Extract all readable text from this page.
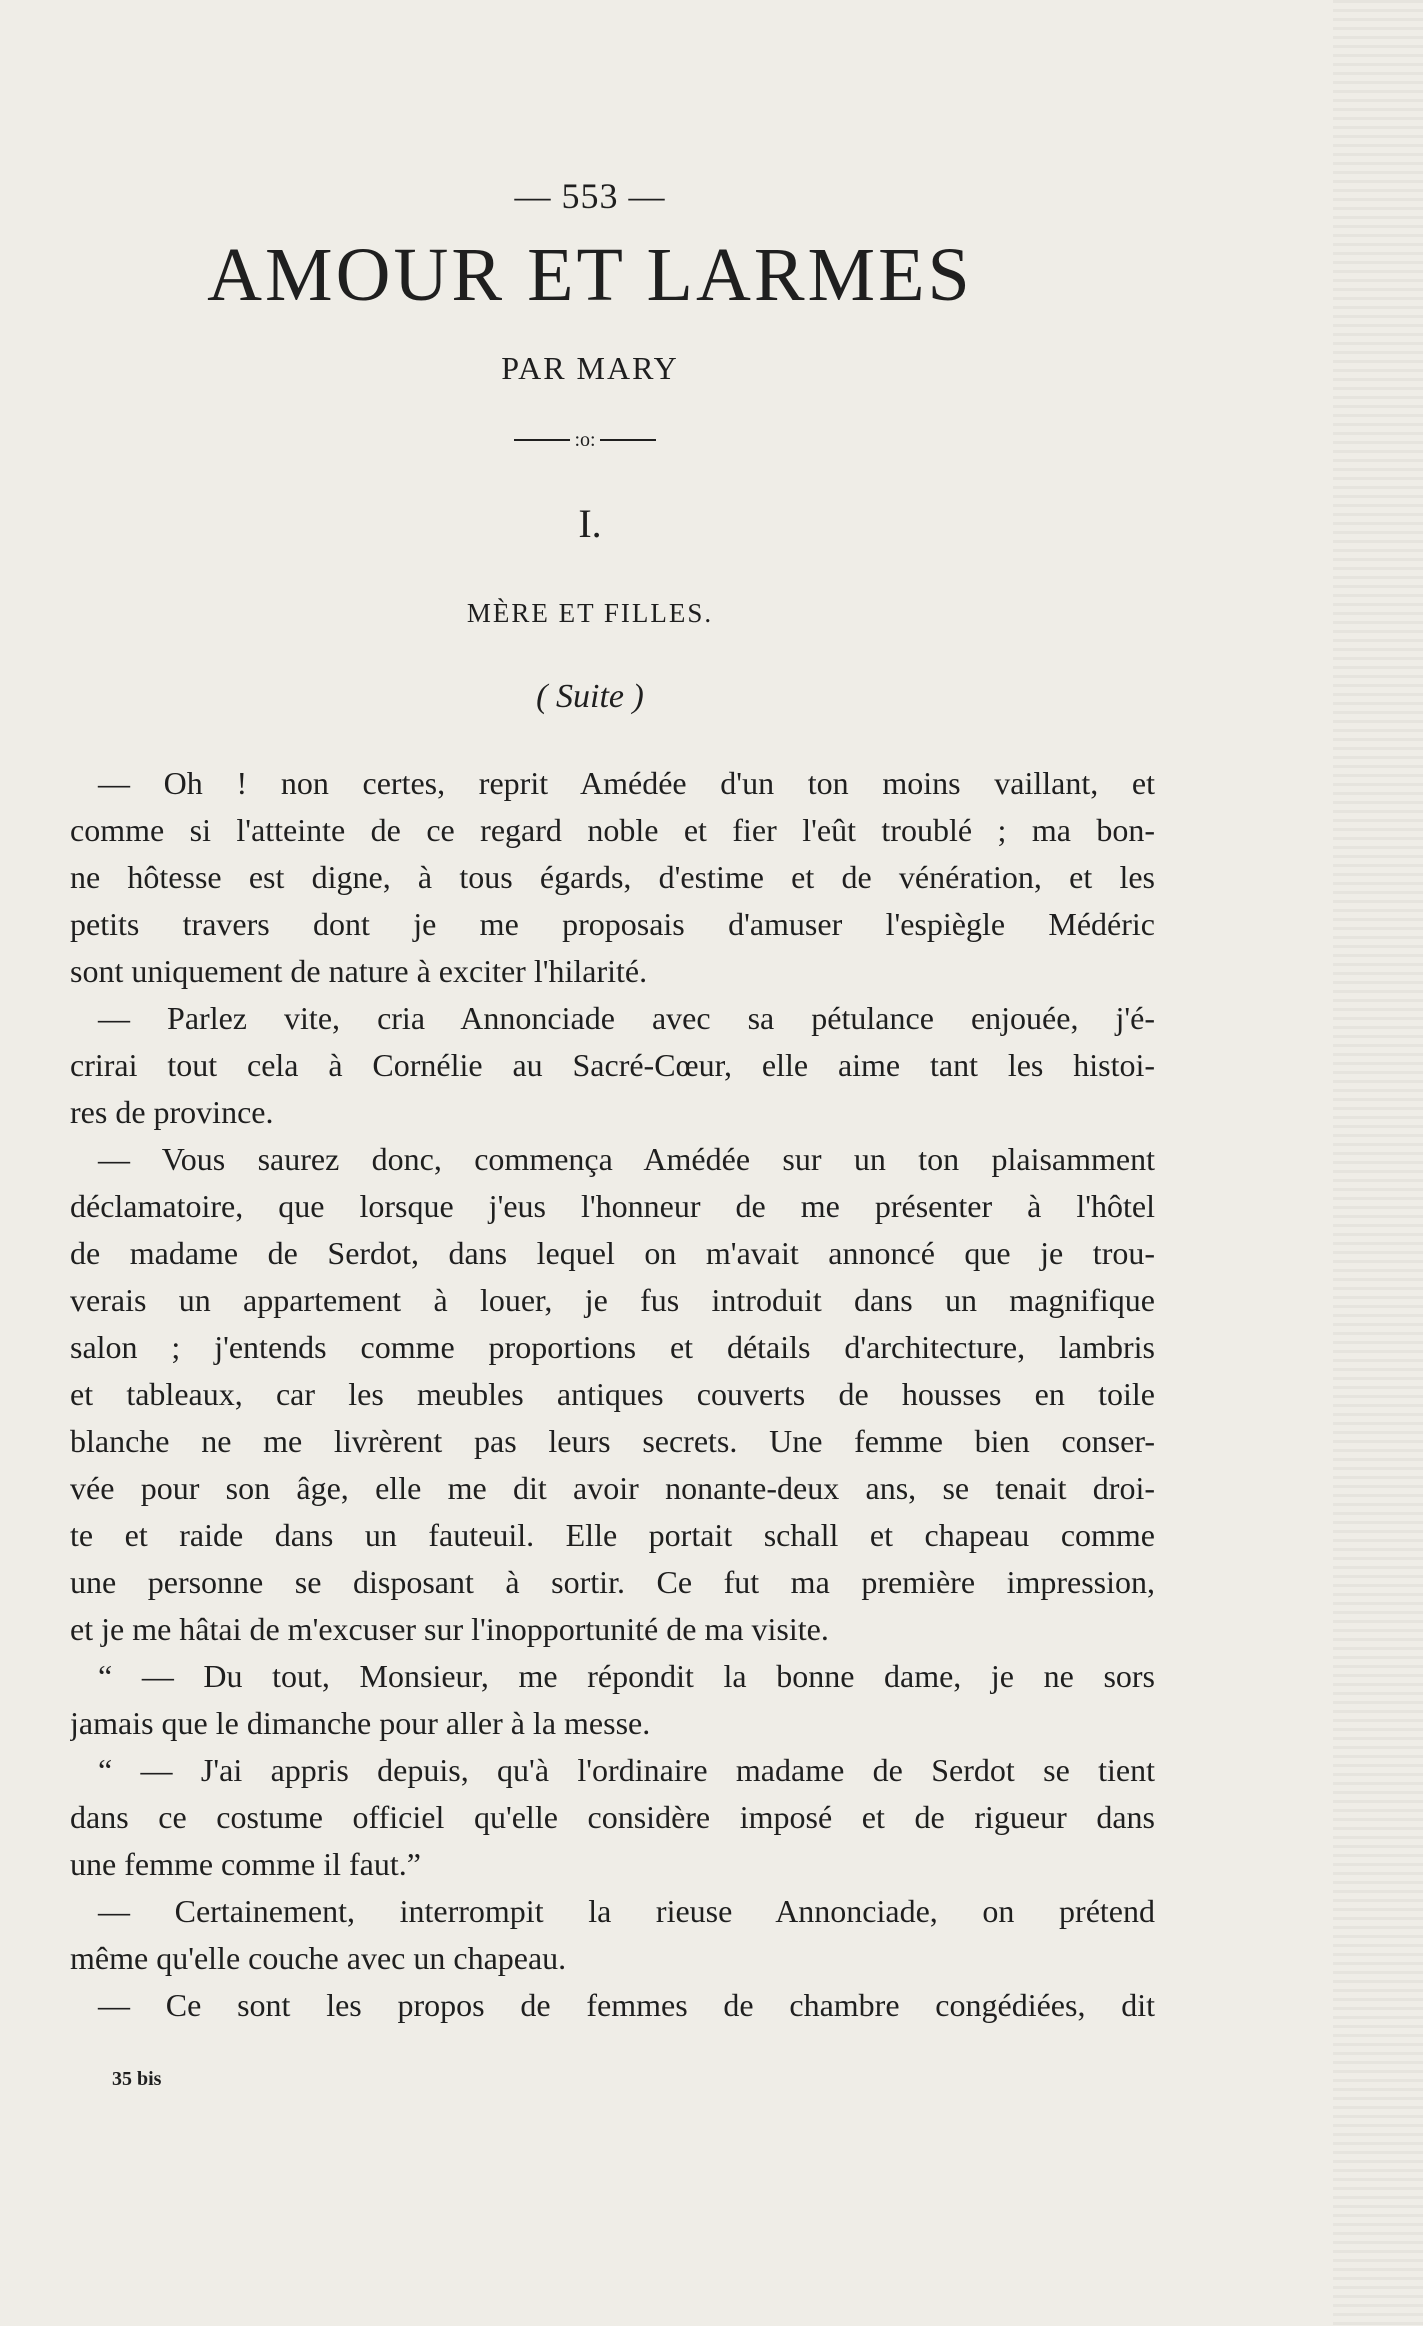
— 553 —
AMOUR ET LARMES
PAR MARY
:o:
I.
MÈRE ET FILLES.
( Suite )
— Oh ! non certes, reprit Amédée d'un ton moins vaillant, et
comme si l'atteinte de ce regard noble et fier l'eût troublé ; ma bon-
ne hôtesse est digne, à tous égards, d'estime et de vénération, et les
petits travers dont je me proposais d'amuser l'espiègle Médéric
sont uniquement de nature à exciter l'hilarité.
— Parlez vite, cria Annonciade avec sa pétulance enjouée, j'é-
crirai tout cela à Cornélie au Sacré-Cœur, elle aime tant les histoi-
res de province.
— Vous saurez donc, commença Amédée sur un ton plaisamment
déclamatoire, que lorsque j'eus l'honneur de me présenter à l'hôtel
de madame de Serdot, dans lequel on m'avait annoncé que je trou-
verais un appartement à louer, je fus introduit dans un magnifique
salon ; j'entends comme proportions et détails d'architecture, lambris
et tableaux, car les meubles antiques couverts de housses en toile
blanche ne me livrèrent pas leurs secrets. Une femme bien conser-
vée pour son âge, elle me dit avoir nonante-deux ans, se tenait droi-
te et raide dans un fauteuil. Elle portait schall et chapeau comme
une personne se disposant à sortir. Ce fut ma première impression,
et je me hâtai de m'excuser sur l'inopportunité de ma visite.
“ — Du tout, Monsieur, me répondit la bonne dame, je ne sors
jamais que le dimanche pour aller à la messe.
“ — J'ai appris depuis, qu'à l'ordinaire madame de Serdot se tient
dans ce costume officiel qu'elle considère imposé et de rigueur dans
une femme comme il faut.”
— Certainement, interrompit la rieuse Annonciade, on prétend
même qu'elle couche avec un chapeau.
— Ce sont les propos de femmes de chambre congédiées, dit
35 bis
